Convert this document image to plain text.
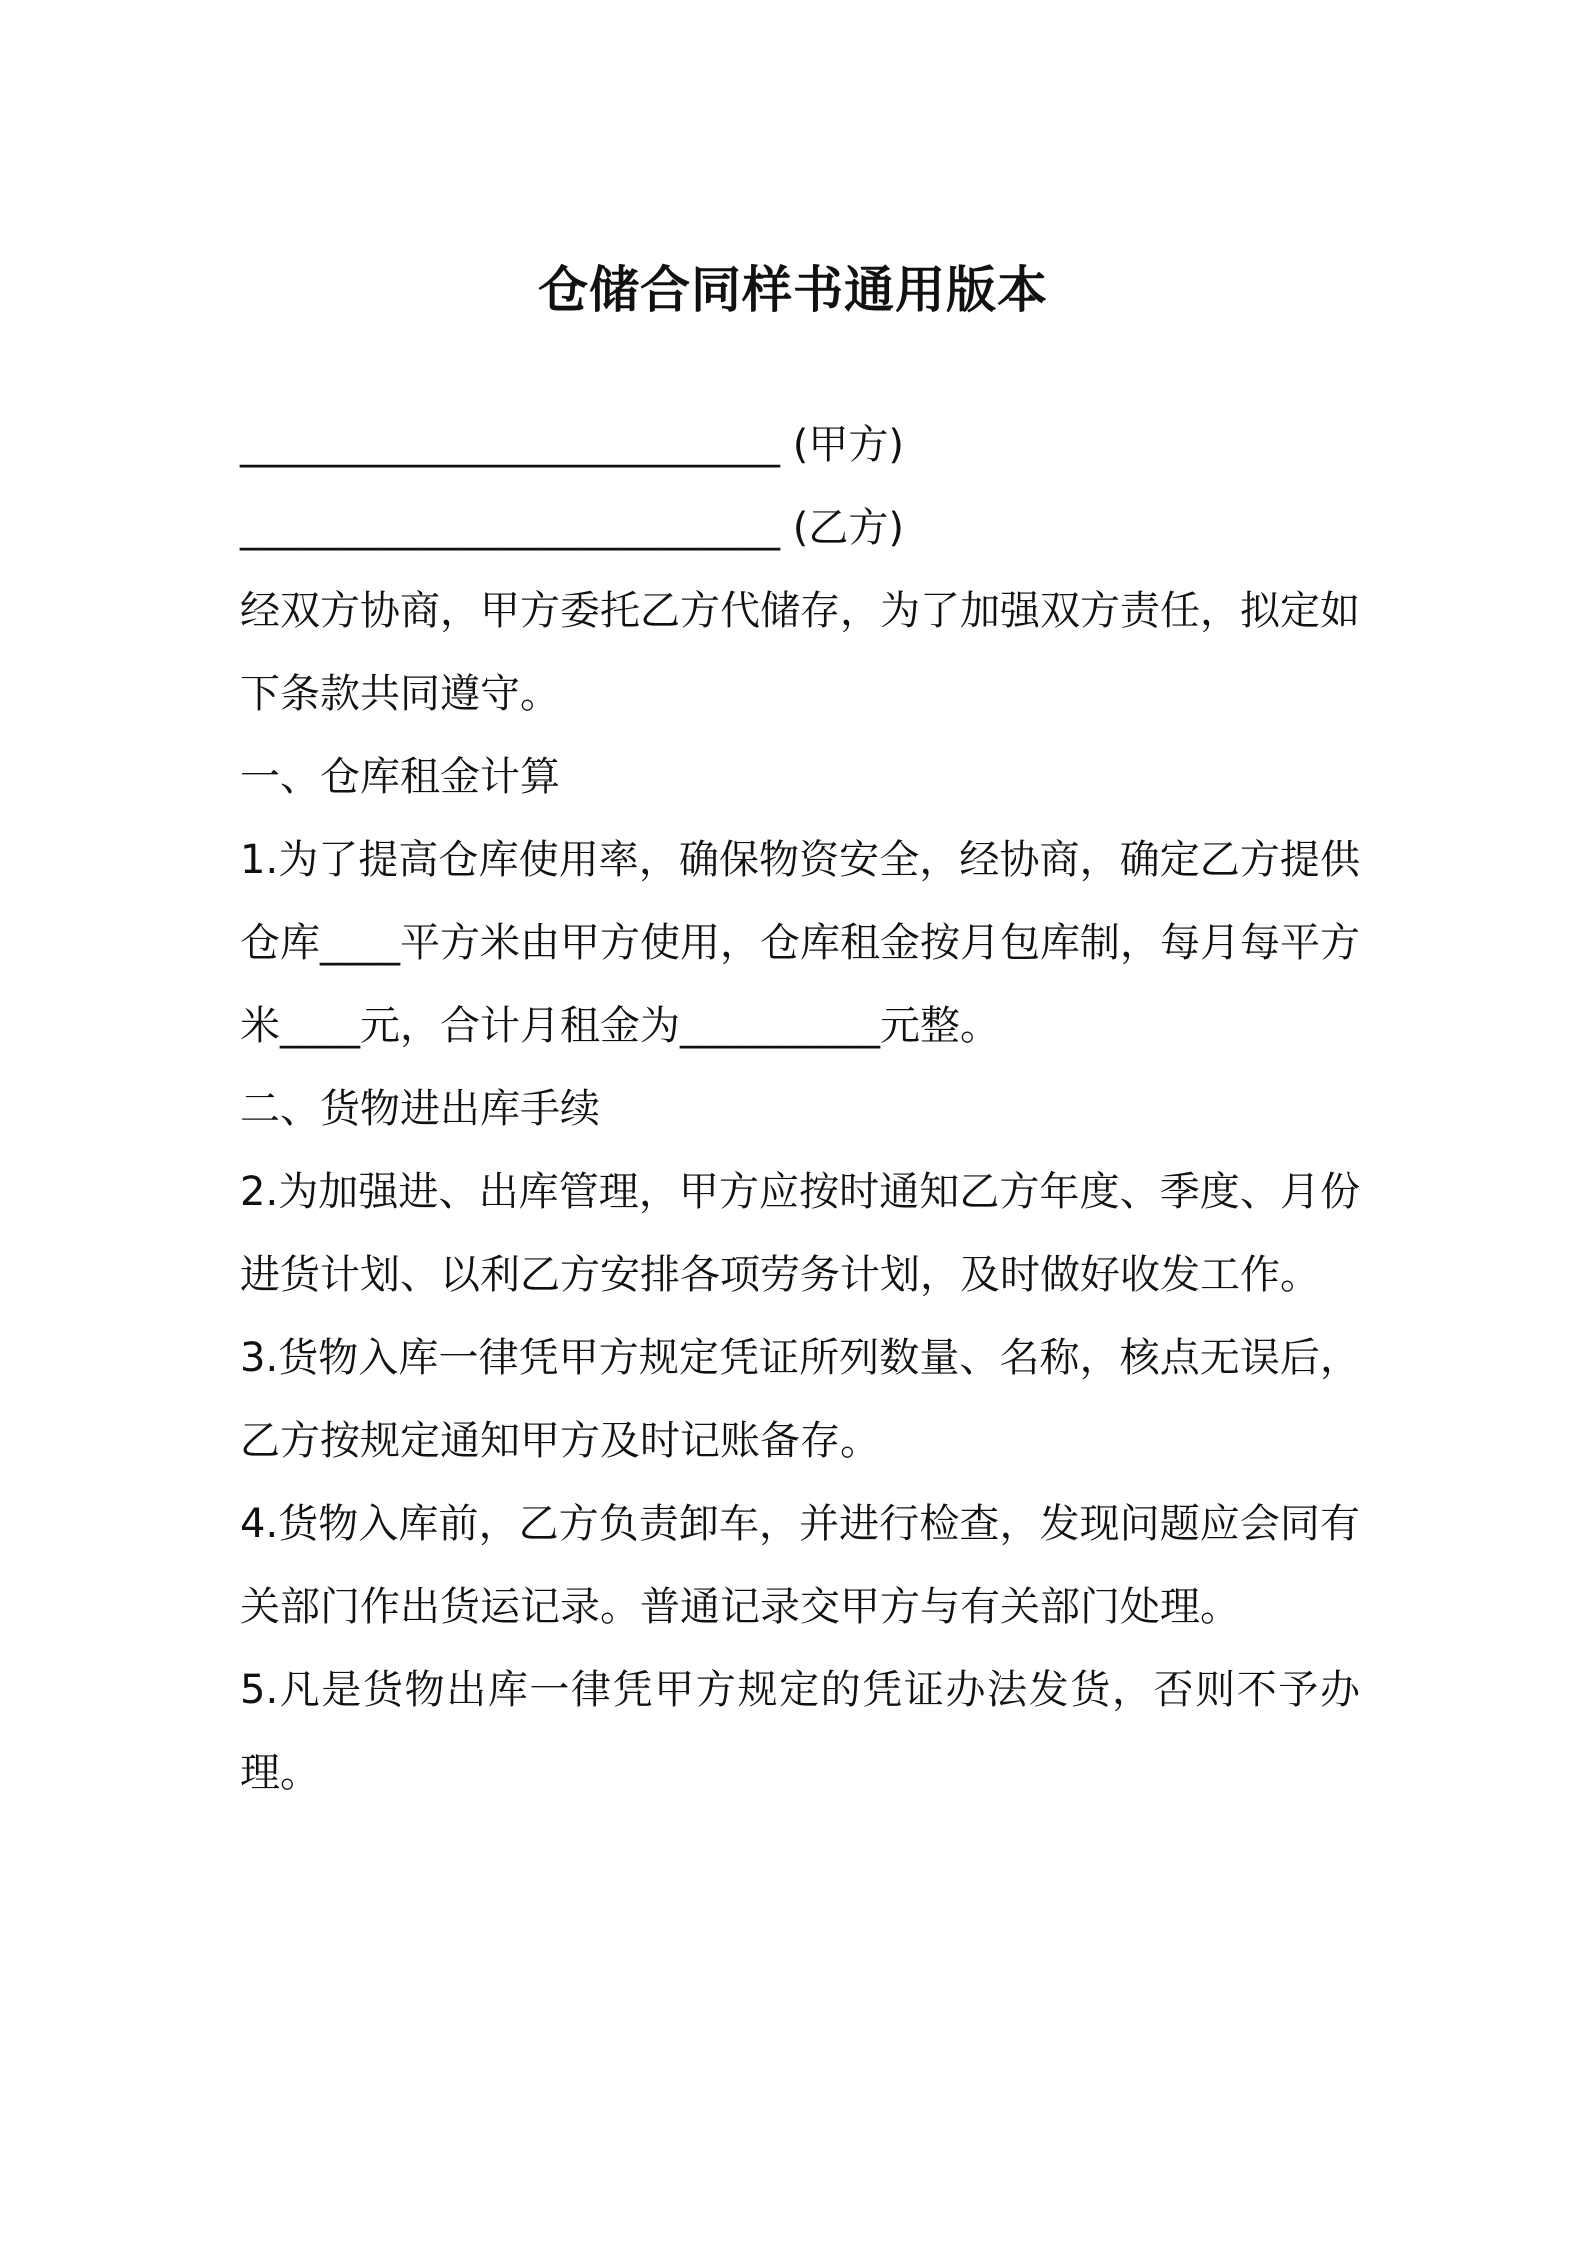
仓储合同样书通用版本
___________________________ (甲方)
___________________________ (乙方)
经双方协商，甲方委托乙方代储存，为了加强双方责任，拟定如下条款共同遵守。
一、仓库租金计算
1.为了提高仓库使用率，确保物资安全，经协商，确定乙方提供仓库____平方米由甲方使用，仓库租金按月包库制，每月每平方米____元，合计月租金为__________元整。
二、货物进出库手续
2.为加强进、出库管理，甲方应按时通知乙方年度、季度、月份进货计划、以利乙方安排各项劳务计划，及时做好收发工作。
3.货物入库一律凭甲方规定凭证所列数量、名称，核点无误后，乙方按规定通知甲方及时记账备存。
4.货物入库前，乙方负责卸车，并进行检查，发现问题应会同有关部门作出货运记录。普通记录交甲方与有关部门处理。
5.凡是货物出库一律凭甲方规定的凭证办法发货，否则不予办理。
